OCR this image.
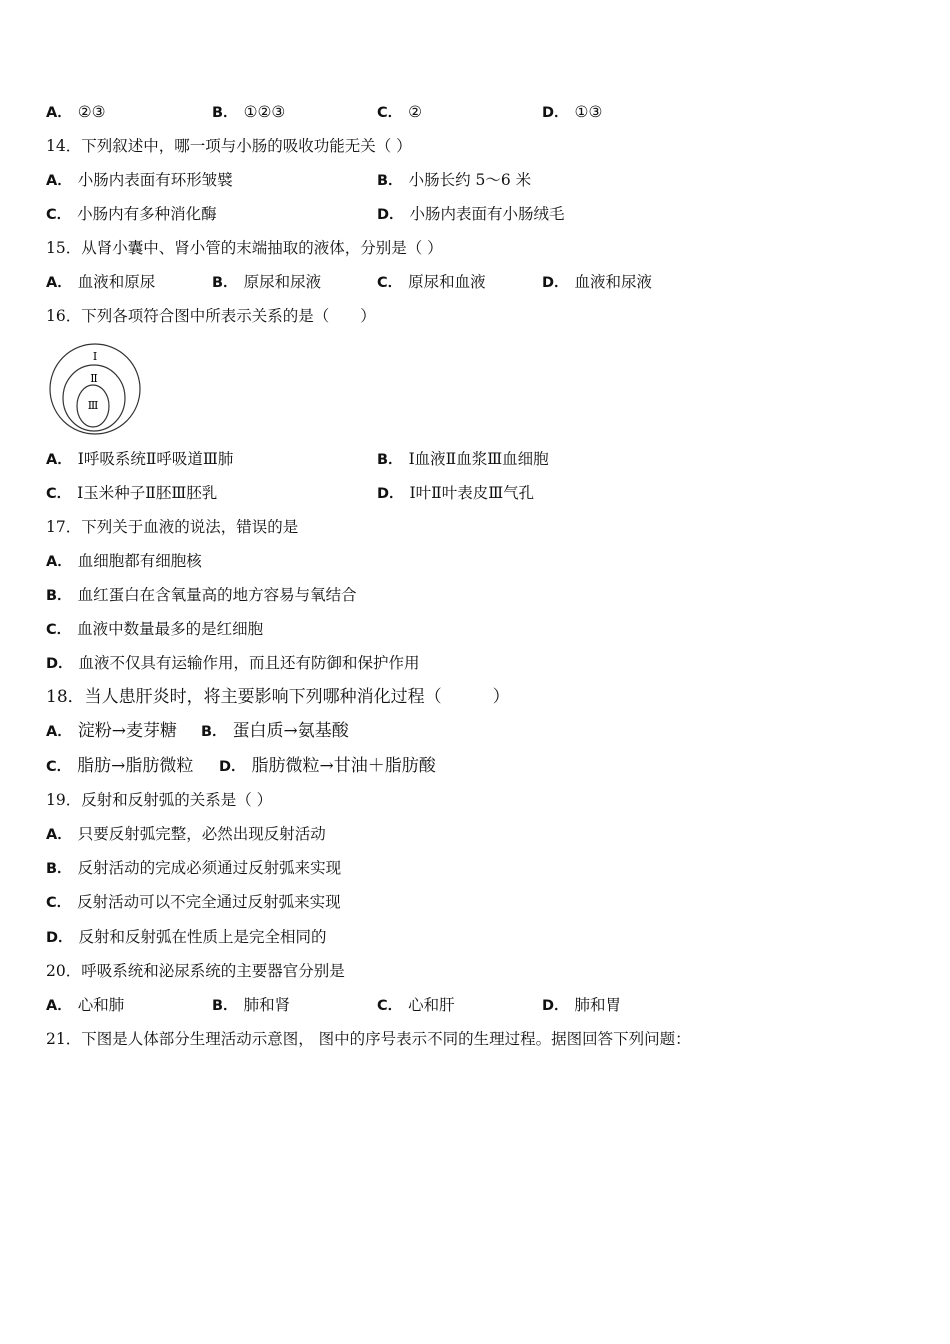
A． ②③	B． ①②③	C． ②	D． ①③
14．下列叙述中，哪一项与小肠的吸收功能无关（ ）
A． 小肠内表面有环形皱襞	B． 小肠长约 5～6 米
C． 小肠内有多种消化酶	D． 小肠内表面有小肠绒毛
15．从肾小囊中、肾小管的末端抽取的液体，分别是（ ）
A． 血液和原尿	B． 原尿和尿液	C． 原尿和血液	D． 血液和尿液
16．下列各项符合图中所表示关系的是（　　）
Ⅰ
Ⅱ
Ⅲ
A． Ⅰ呼吸系统Ⅱ呼吸道Ⅲ肺	B． Ⅰ血液Ⅱ血浆Ⅲ血细胞
C． Ⅰ玉米种子Ⅱ胚Ⅲ胚乳	D． Ⅰ叶Ⅱ叶表皮Ⅲ气孔
17．下列关于血液的说法，错误的是
A． 血细胞都有细胞核
B． 血红蛋白在含氧量高的地方容易与氧结合
C． 血液中数量最多的是红细胞
D． 血液不仅具有运输作用，而且还有防御和保护作用
18．当人患肝炎时，将主要影响下列哪种消化过程（　　　）
A． 淀粉→麦芽糖 B． 蛋白质→氨基酸
C． 脂肪→脂肪微粒 D． 脂肪微粒→甘油＋脂肪酸
19．反射和反射弧的关系是（ ）
A． 只要反射弧完整，必然出现反射活动
B． 反射活动的完成必须通过反射弧来实现
C． 反射活动可以不完全通过反射弧来实现
D． 反射和反射弧在性质上是完全相同的
20．呼吸系统和泌尿系统的主要器官分别是
A． 心和肺	B． 肺和肾	C． 心和肝	D． 肺和胃
21．下图是人体部分生理活动示意图， 图中的序号表示不同的生理过程。据图回答下列问题：
